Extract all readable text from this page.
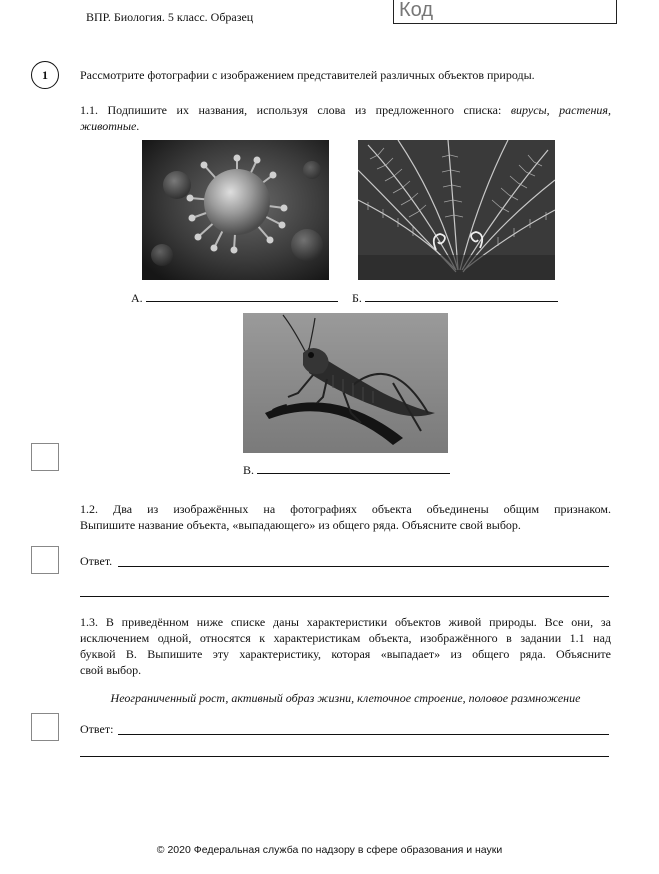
ВПР. Биология. 5 класс. Образец	Код
1	Рассмотрите фотографии с изображением представителей различных объектов природы.
1.1. Подпишите их названия, используя слова из предложенного списка: вирусы, растения,
животные.
А.	Б.
В.
1.2. Два из изображённых на фотографиях объекта объединены общим признаком.
Выпишите название объекта, «выпадающего» из общего ряда. Объясните свой выбор.
Ответ.
1.3. В приведённом ниже списке даны характеристики объектов живой природы. Все они, за
исключением одной, относятся к характеристикам объекта, изображённого в задании 1.1 над
буквой В. Выпишите эту характеристику, которая «выпадает» из общего ряда. Объясните
свой выбор.
Неограниченный рост, активный образ жизни, клеточное строение, половое размножение
Ответ:
© 2020 Федеральная служба по надзору в сфере образования и науки
